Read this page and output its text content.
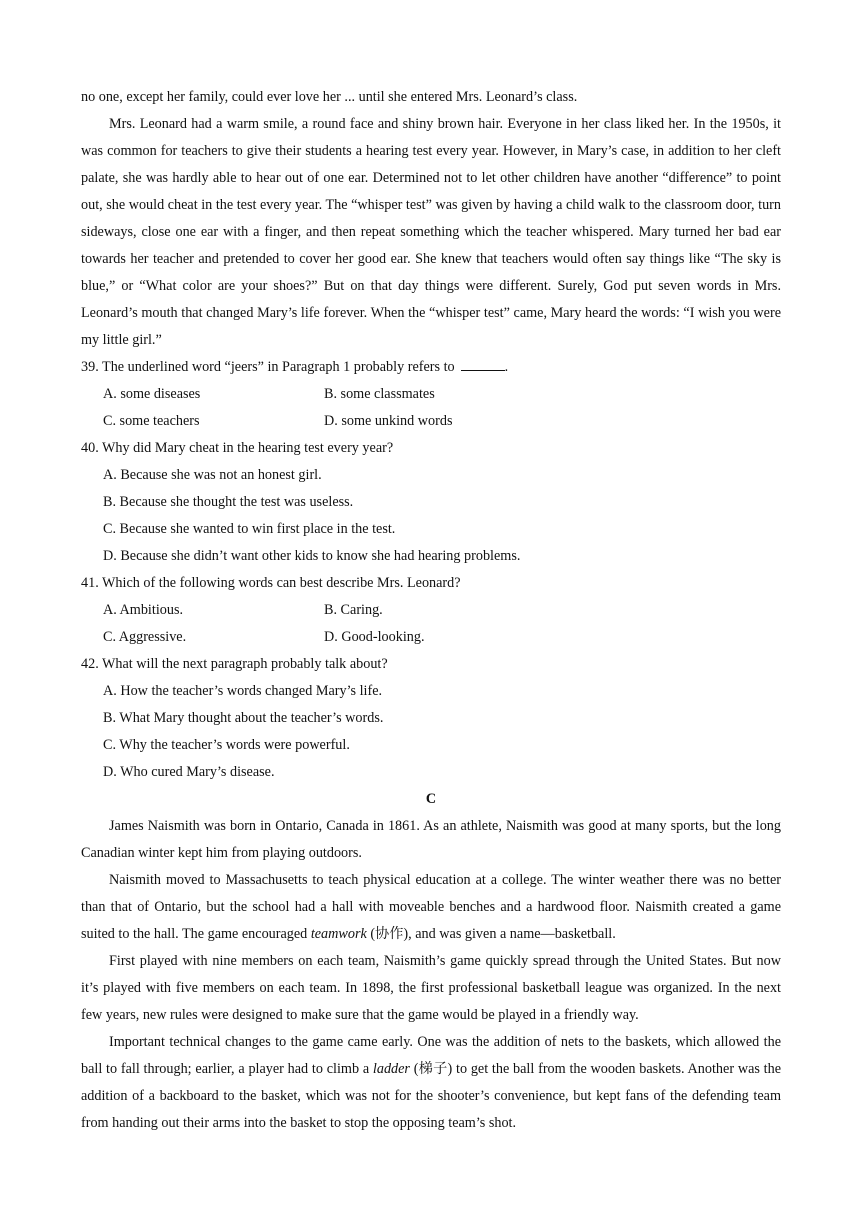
no one, except her family, could ever love her ... until she entered Mrs. Leonard’s class.

Mrs. Leonard had a warm smile, a round face and shiny brown hair. Everyone in her class liked her. In the 1950s, it was common for teachers to give their students a hearing test every year. However, in Mary’s case, in addition to her cleft palate, she was hardly able to hear out of one ear. Determined not to let other children have another “difference” to point out, she would cheat in the test every year. The “whisper test” was given by having a child walk to the classroom door, turn sideways, close one ear with a finger, and then repeat something which the teacher whispered. Mary turned her bad ear towards her teacher and pretended to cover her good ear. She knew that teachers would often say things like “The sky is blue,” or “What color are your shoes?” But on that day things were different. Surely, God put seven words in Mrs. Leonard’s mouth that changed Mary’s life forever. When the “whisper test” came, Mary heard the words: “I wish you were my little girl.”

39. The underlined word “jeers” in Paragraph 1 probably refers to	.

A. some diseases	B. some classmates
C. some teachers	D. some unkind words

40. Why did Mary cheat in the hearing test every year?

A. Because she was not an honest girl.

B. Because she thought the test was useless.

C. Because she wanted to win first place in the test.

D. Because she didn’t want other kids to know she had hearing problems.

41. Which of the following words can best describe Mrs. Leonard?

A. Ambitious.	B. Caring.
C. Aggressive.	D. Good-looking.

42. What will the next paragraph probably talk about?

A. How the teacher’s words changed Mary’s life.

B. What Mary thought about the teacher’s words.

C. Why the teacher’s words were powerful.

D. Who cured Mary’s disease.

C

James Naismith was born in Ontario, Canada in 1861. As an athlete, Naismith was good at many sports, but the long Canadian winter kept him from playing outdoors.

Naismith moved to Massachusetts to teach physical education at a college. The winter weather there was no better than that of Ontario, but the school had a hall with moveable benches and a hardwood floor. Naismith created a game suited to the hall. The game encouraged teamwork (协作), and was given a name—basketball.

First played with nine members on each team, Naismith’s game quickly spread through the United States. But now it’s played with five members on each team. In 1898, the first professional basketball league was organized. In the next few years, new rules were designed to make sure that the game would be played in a friendly way.

Important technical changes to the game came early. One was the addition of nets to the baskets, which allowed the ball to fall through; earlier, a player had to climb a ladder (梯子) to get the ball from the wooden baskets. Another was the addition of a backboard to the basket, which was not for the shooter’s convenience, but kept fans of the defending team from handing out their arms into the basket to stop the opposing team’s shot.
